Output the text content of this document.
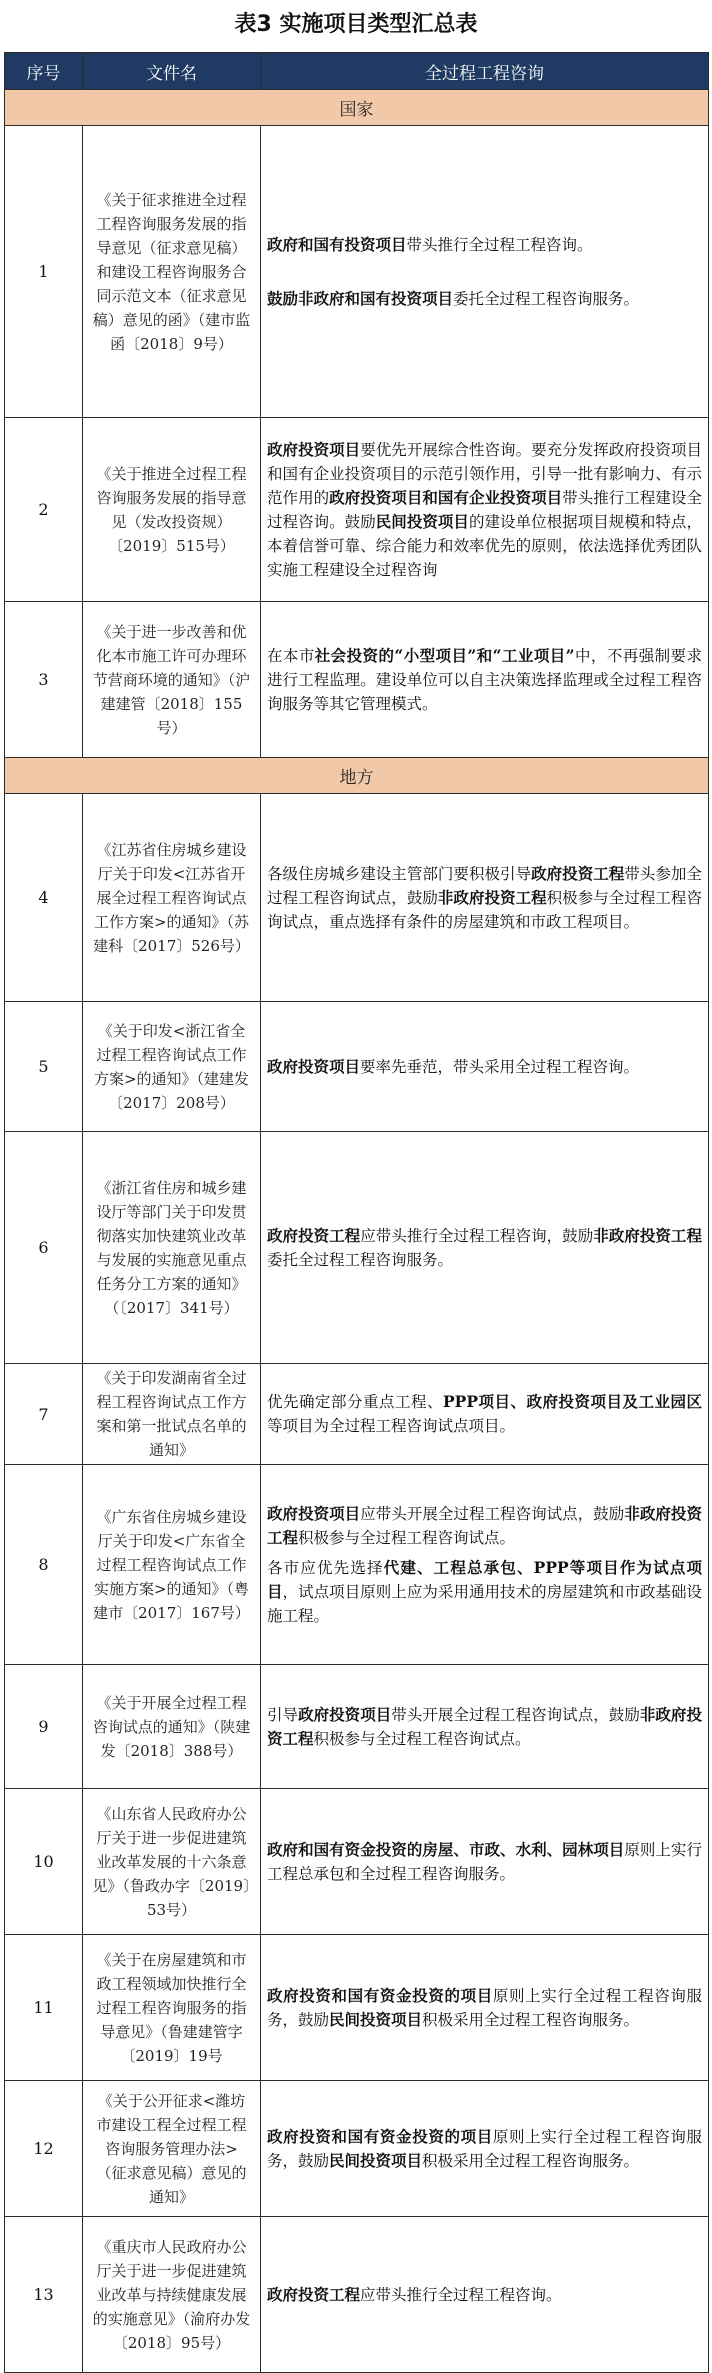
表3 实施项目类型汇总表
序号	文件名	全过程工程咨询
国家		
1	《关于征求推进全过程工程咨询服务发展的指导意见（征求意见稿）和建设工程咨询服务合同示范文本（征求意见稿）意见的函》（建市监函〔2018〕9号）	政府和国有投资项目带头推行全过程工程咨询。

鼓励非政府和国有投资项目委托全过程工程咨询服务。

2	《关于推进全过程工程咨询服务发展的指导意见（发改投资规）〔2019〕515号）	政府投资项目要优先开展综合性咨询。要充分发挥政府投资项目和国有企业投资项目的示范引领作用，引导一批有影响力、有示范作用的政府投资项目和国有企业投资项目带头推行工程建设全过程咨询。鼓励民间投资项目的建设单位根据项目规模和特点，本着信誉可靠、综合能力和效率优先的原则，依法选择优秀团队实施工程建设全过程咨询

3	《关于进一步改善和优化本市施工许可办理环节营商环境的通知》（沪建建管〔2018〕155号）	在本市社会投资的“小型项目”和“工业项目”中，不再强制要求进行工程监理。建设单位可以自主决策选择监理或全过程工程咨询服务等其它管理模式。

地方		
4	《江苏省住房城乡建设厅关于印发<江苏省开展全过程工程咨询试点工作方案>的通知》（苏建科〔2017〕526号）	各级住房城乡建设主管部门要积极引导政府投资工程带头参加全过程工程咨询试点，鼓励非政府投资工程积极参与全过程工程咨询试点，重点选择有条件的房屋建筑和市政工程项目。

5	《关于印发<浙江省全过程工程咨询试点工作方案>的通知》（建建发〔2017〕208号）	政府投资项目要率先垂范，带头采用全过程工程咨询。

6	《浙江省住房和城乡建设厅等部门关于印发贯彻落实加快建筑业改革与发展的实施意见重点任务分工方案的通知》（〔2017〕341号）	政府投资工程应带头推行全过程工程咨询，鼓励非政府投资工程委托全过程工程咨询服务。

7	《关于印发湖南省全过程工程咨询试点工作方案和第一批试点名单的通知》	优先确定部分重点工程、PPP项目、政府投资项目及工业园区等项目为全过程工程咨询试点项目。

8	《广东省住房城乡建设厅关于印发<广东省全过程工程咨询试点工作实施方案>的通知》（粤建市〔2017〕167号）	政府投资项目应带头开展全过程工程咨询试点，鼓励非政府投资工程积极参与全过程工程咨询试点。

各市应优先选择代建、工程总承包、PPP等项目作为试点项目，试点项目原则上应为采用通用技术的房屋建筑和市政基础设施工程。

9	《关于开展全过程工程咨询试点的通知》（陕建发〔2018〕388号）	引导政府投资项目带头开展全过程工程咨询试点，鼓励非政府投资工程积极参与全过程工程咨询试点。

10	《山东省人民政府办公厅关于进一步促进建筑业改革发展的十六条意见》（鲁政办字〔2019〕53号）	政府和国有资金投资的房屋、市政、水利、园林项目原则上实行工程总承包和全过程工程咨询服务。

11	《关于在房屋建筑和市政工程领域加快推行全过程工程咨询服务的指导意见》（鲁建建管字〔2019〕19号	政府投资和国有资金投资的项目原则上实行全过程工程咨询服务，鼓励民间投资项目积极采用全过程工程咨询服务。

12	《关于公开征求<潍坊市建设工程全过程工程咨询服务管理办法>（征求意见稿）意见的通知》	政府投资和国有资金投资的项目原则上实行全过程工程咨询服务，鼓励民间投资项目积极采用全过程工程咨询服务。

13	《重庆市人民政府办公厅关于进一步促进建筑业改革与持续健康发展的实施意见》（渝府办发〔2018〕95号）	政府投资工程应带头推行全过程工程咨询。
